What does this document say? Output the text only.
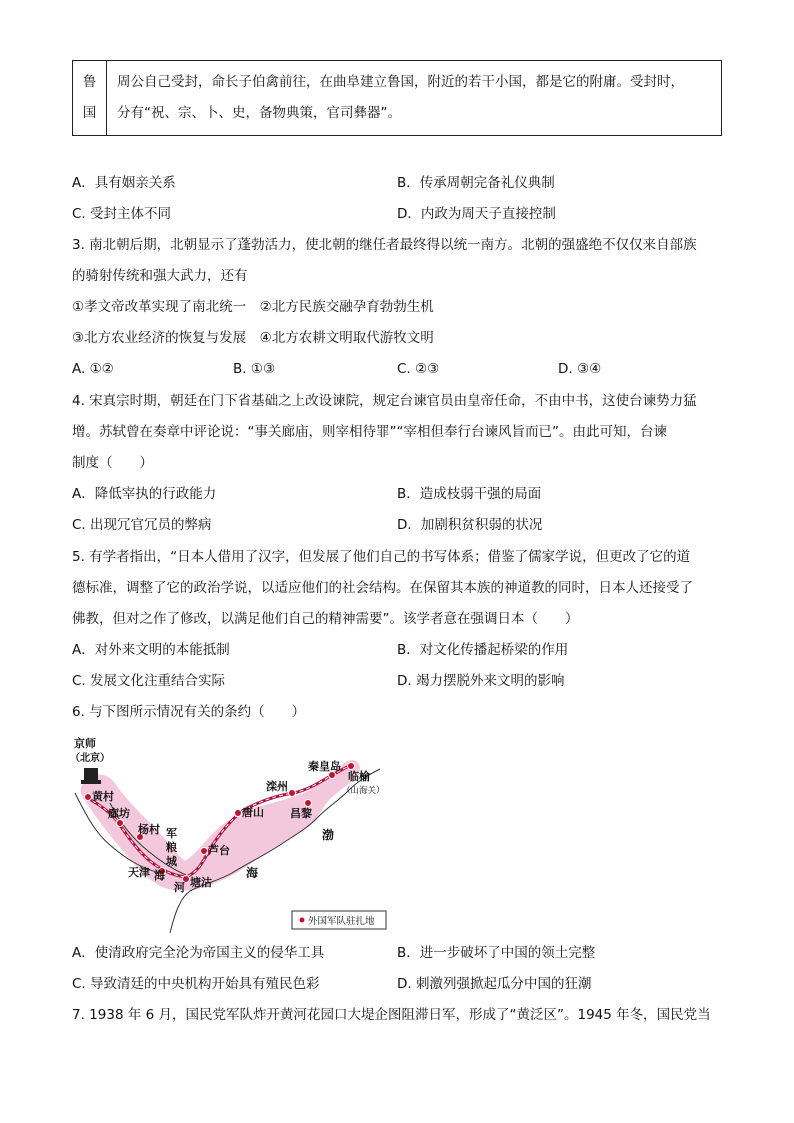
鲁
国

周公自己受封，命长子伯禽前往，在曲阜建立鲁国，附近的若干小国，都是它的附庸。受封时，
分有“祝、宗、卜、史，备物典策，官司彝器”。
A．具有姻亲关系	B．传承周朝完备礼仪典制
C. 受封主体不同	D．内政为周天子直接控制
3. 南北朝后期，北朝显示了蓬勃活力，使北朝的继任者最终得以统一南方。北朝的强盛绝不仅仅来自部族
的骑射传统和强大武力，还有
①孝文帝改革实现了南北统一　②北方民族交融孕育勃勃生机
③北方农业经济的恢复与发展　④北方农耕文明取代游牧文明
A. ①②	B. ①③	C. ②③	D. ③④
4. 宋真宗时期，朝廷在门下省基础之上改设谏院，规定台谏官员由皇帝任命，不由中书，这使台谏势力猛
增。苏轼曾在奏章中评论说：“事关廊庙，则宰相待罪”“宰相但奉行台谏风旨而已”。由此可知，台谏
制度（　　）
A．降低宰执的行政能力	B．造成枝弱干强的局面
C. 出现冗官冗员的弊病	D．加剧积贫积弱的状况
5. 有学者指出，“日本人借用了汉字，但发展了他们自己的书写体系；借鉴了儒家学说，但更改了它的道
德标准，调整了它的政治学说，以适应他们的社会结构。在保留其本族的神道教的同时，日本人还接受了
佛教，但对之作了修改，以满足他们自己的精神需要”。该学者意在强调日本（　　）
A．对外来文明的本能抵制	B．对文化传播起桥梁的作用
C. 发展文化注重结合实际	D. 竭力摆脱外来文明的影响
6. 与下图所示情况有关的条约（　　）
京师
（北京）
黄村
廊坊
杨村
天津
塘沽
芦台
唐山
滦州
昌黎
秦皇岛
临榆
（山海关）
军
粮
城
海
河
渤
海
外国军队驻扎地
A．使清政府完全沦为帝国主义的侵华工具	B．进一步破坏了中国的领土完整
C. 导致清廷的中央机构开始具有殖民色彩	D. 刺激列强掀起瓜分中国的狂潮
7. 1938 年 6 月，国民党军队炸开黄河花园口大堤企图阻滞日军，形成了“黄泛区”。1945 年冬，国民党当
